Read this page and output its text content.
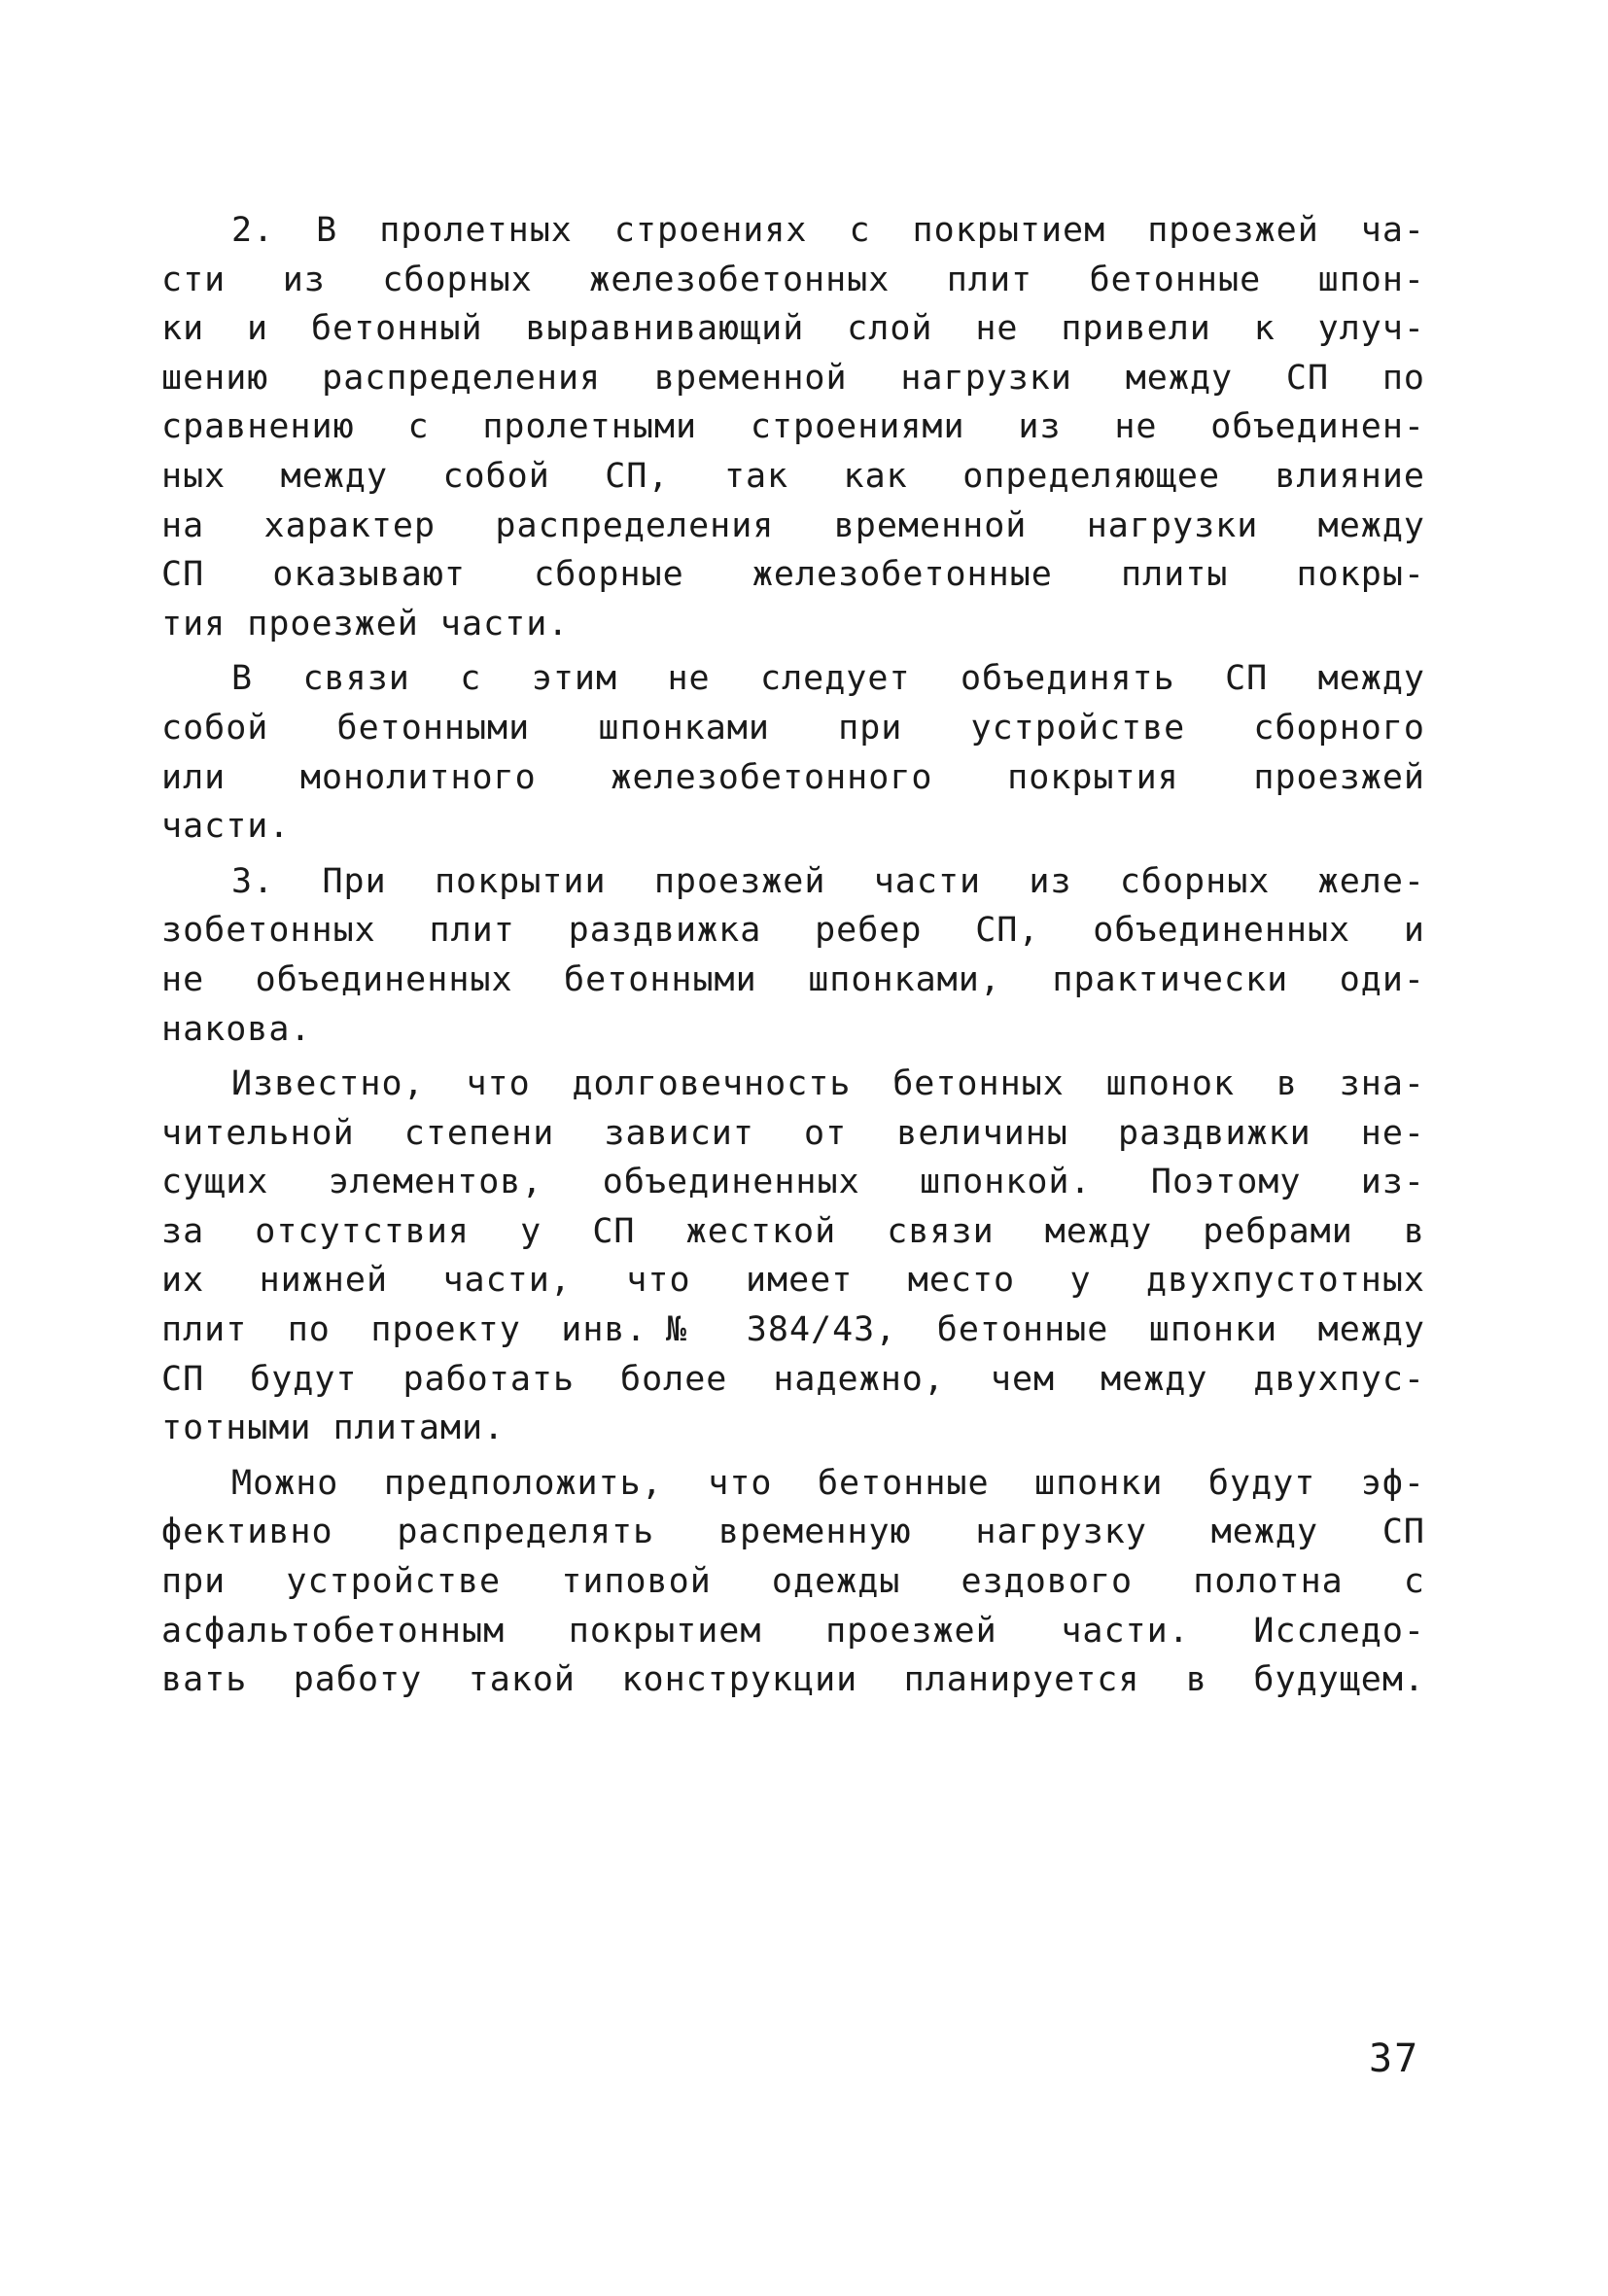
2. В пролетных строениях с покрытием проезжей ча-
сти из сборных железобетонных плит бетонные шпон-
ки и бетонный выравнивающий слой не привели к улуч-
шению распределения временной нагрузки между СП по
сравнению с пролетными строениями из не объединен-
ных между собой СП, так как определяющее влияние
на характер распределения временной нагрузки между
СП оказывают сборные железобетонные плиты покры-
тия проезжей части.
В связи с этим не следует объединять СП между
собой бетонными шпонками при устройстве сборного
или монолитного железобетонного покрытия проезжей
части.
3. При покрытии проезжей части из сборных желе-
зобетонных плит раздвижка ребер СП, объединенных и
не объединенных бетонными шпонками, практически оди-
накова.
Известно, что долговечность бетонных шпонок в зна-
чительной степени зависит от величины раздвижки не-
сущих элементов, объединенных шпонкой. Поэтому из-
за отсутствия у СП жесткой связи между ребрами в
их нижней части, что имеет место у двухпустотных
плит по проекту инв.№ 384/43, бетонные шпонки между
СП будут работать более надежно, чем между двухпус-
тотными плитами.
Можно предположить, что бетонные шпонки будут эф-
фективно распределять временную нагрузку между СП
при устройстве типовой одежды ездового полотна с
асфальтобетонным покрытием проезжей части. Исследо-
вать работу такой конструкции планируется в будущем.
37
